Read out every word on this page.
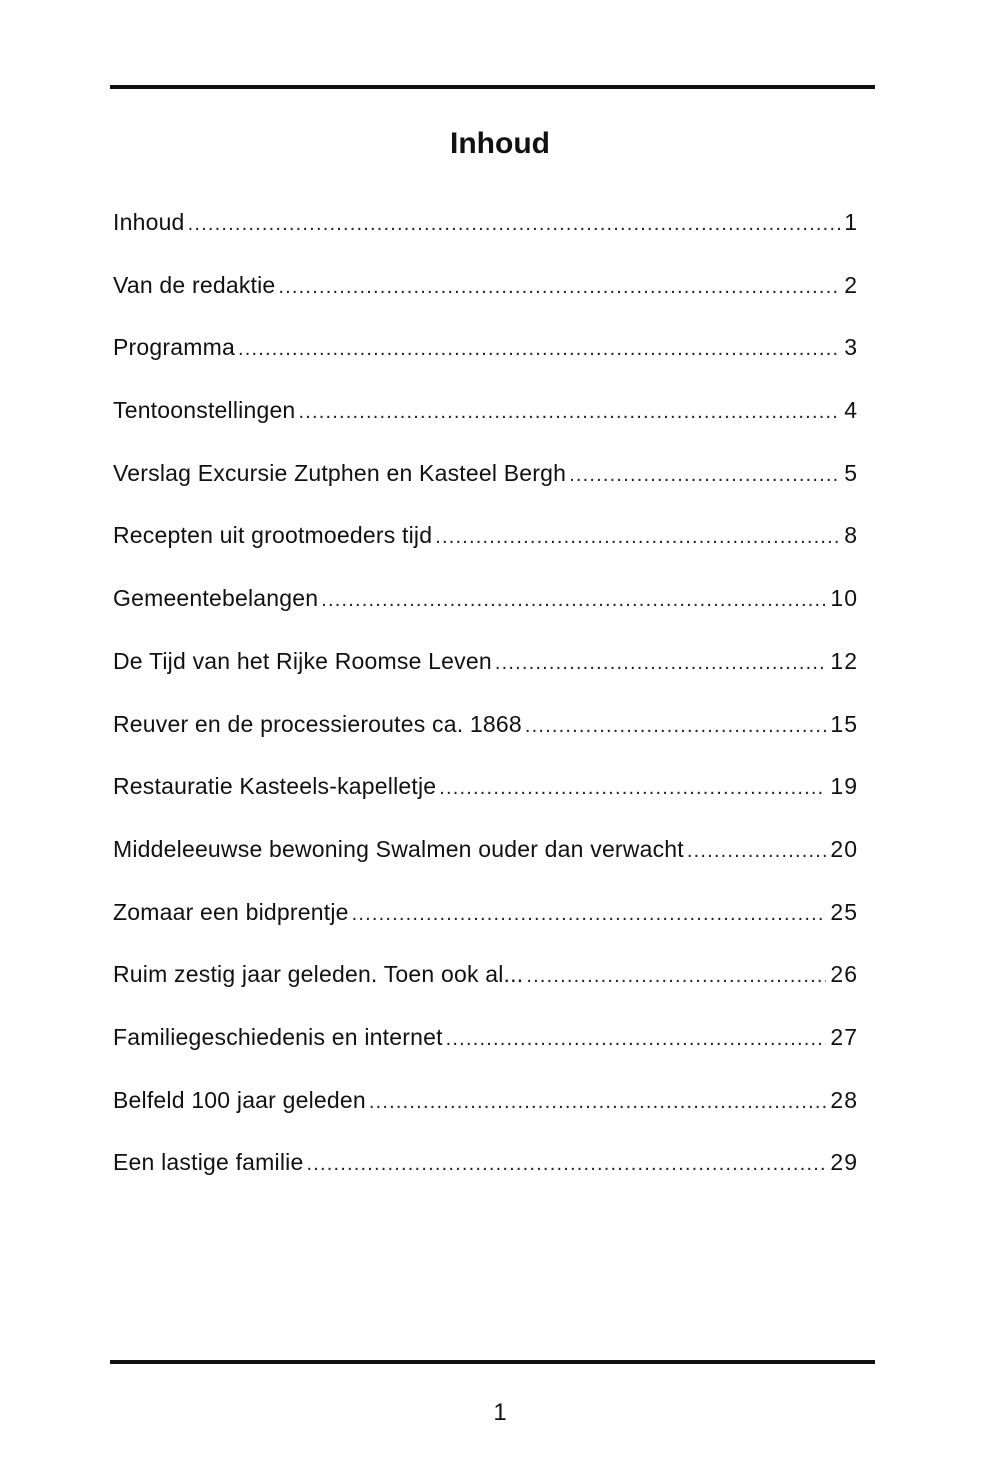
Inhoud
Inhoud .....	1
Van de redaktie .....	2
Programma .....	3
Tentoonstellingen .....	4
Verslag Excursie Zutphen en Kasteel Bergh .....	5
Recepten uit grootmoeders tijd .....	8
Gemeentebelangen .....	10
De Tijd van het Rijke Roomse Leven .....	12
Reuver en de processieroutes ca. 1868 .....	15
Restauratie Kasteels-kapelletje .....	19
Middeleeuwse bewoning Swalmen ouder dan verwacht .....	20
Zomaar een bidprentje .....	25
Ruim zestig jaar geleden. Toen ook al... .....	26
Familiegeschiedenis en internet .....	27
Belfeld 100 jaar geleden .....	28
Een lastige familie .....	29
1
